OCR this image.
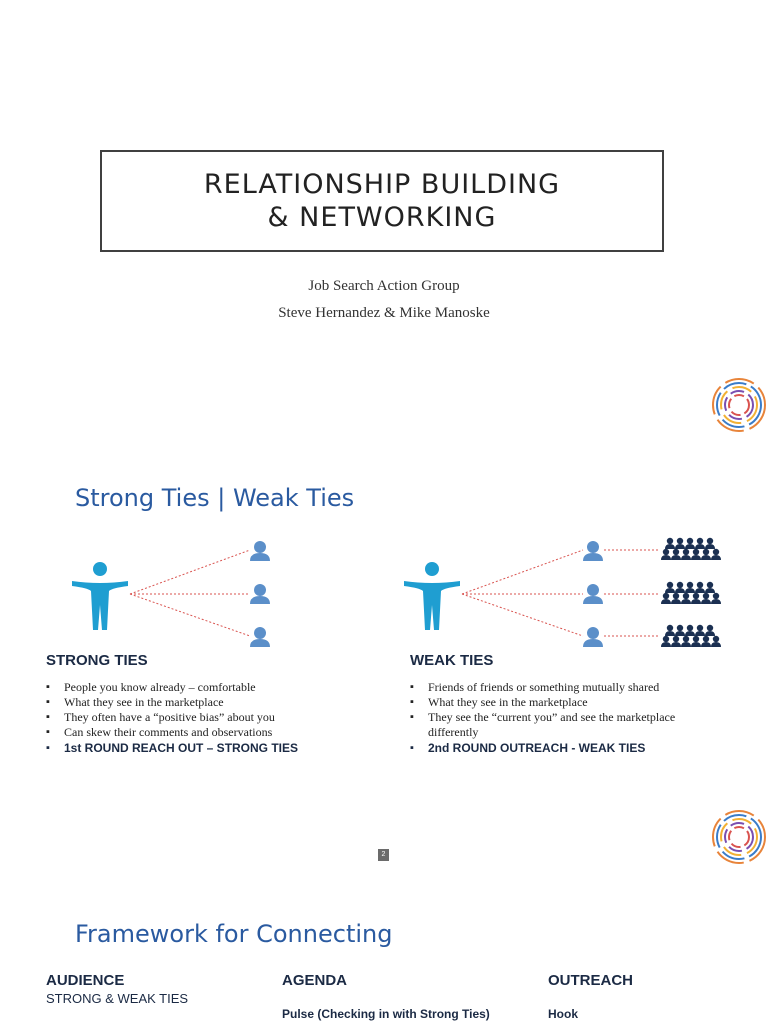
RELATIONSHIP BUILDING
& NETWORKING
Job Search Action Group
Steve Hernandez & Mike Manoske
Strong Ties | Weak Ties
STRONG TIES
▪ People you know already – comfortable
▪ What they see in the marketplace
▪ They often have a “positive bias” about you
▪ Can skew their comments and observations
▪ 1st ROUND REACH OUT – STRONG TIES
WEAK TIES
▪ Friends of friends or something mutually shared
▪ What they see in the marketplace
▪ They see the “current you” and see the marketplace differently
▪ 2nd ROUND OUTREACH - WEAK TIES
2
Framework for Connecting
AUDIENCE
STRONG & WEAK TIES
AGENDA
Pulse (Checking in with Strong Ties)
OUTREACH
Hook
